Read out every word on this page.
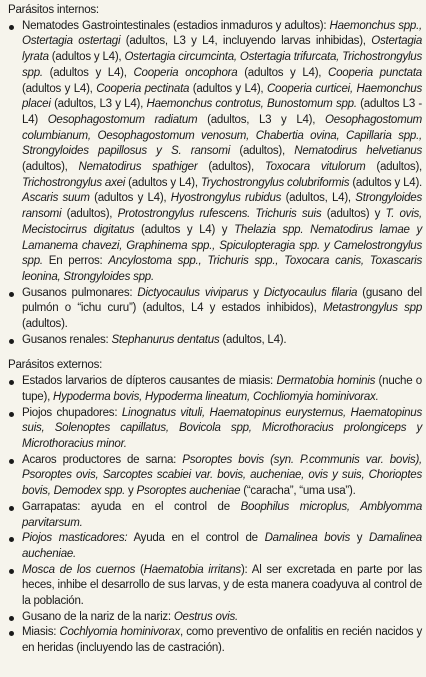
Parásitos internos:

Nematodes Gastrointestinales (estadios inmaduros y adultos): Haemonchus spp., Ostertagia ostertagi (adultos, L3 y L4, incluyendo larvas inhibidas), Ostertagia lyrata (adultos y L4), Ostertagia circumcinta, Ostertagia trifurcata, Trichostrongylus spp. (adultos y L4), Cooperia oncophora (adultos y L4), Cooperia punctata (adultos y L4), Cooperia pectinata (adultos y L4), Cooperia curticei, Haemonchus placei (adultos, L3 y L4), Haemonchus controtus, Bunostomum spp. (adultos L3 - L4) Oesophagostomum radiatum (adultos, L3 y L4), Oesophagostomum columbianum, Oesophagostomum venosum, Chabertia ovina, Capillaria spp., Strongyloides papillosus y S. ransomi (adultos), Nematodirus helvetianus (adultos), Nematodirus spathiger (adultos), Toxocara vitulorum (adultos), Trichostrongylus axei (adultos y L4), Trychostrongylus colubriformis (adultos y L4). Ascaris suum (adultos y L4), Hyostrongylus rubidus (adultos, L4), Strongyloides ransomi (adultos), Protostrongylus rufescens. Trichuris suis (adultos) y T. ovis, Mecistocirrus digitatus (adultos y L4) y Thelazia spp. Nematodirus lamae y Lamanema chavezi, Graphinema spp., Spiculopteragia spp. y Camelostrongylus spp. En perros: Ancylostoma spp., Trichuris spp., Toxocara canis, Toxascaris leonina, Strongyloides spp.
Gusanos pulmonares: Dictyocaulus viviparus y Dictyocaulus filaria (gusano del pulmón o “ichu curu”) (adultos, L4 y estados inhibidos), Metastrongylus spp (adultos).
Gusanos renales: Stephanurus dentatus (adultos, L4).

Parásitos externos:

Estados larvarios de dípteros causantes de miasis: Dermatobia hominis (nuche o tupe), Hypoderma bovis, Hypoderma lineatum, Cochliomyia hominivorax.
Piojos chupadores: Linognatus vituli, Haematopinus eurysternus, Haematopinus suis, Solenoptes capillatus, Bovicola spp, Microthoracius prolongiceps y Microthoracius minor.
Acaros productores de sarna: Psoroptes bovis (syn. P.communis var. bovis), Psoroptes ovis, Sarcoptes scabiei var. bovis, aucheniae, ovis y suis, Chorioptes bovis, Demodex spp. y Psoroptes aucheniae (“caracha”, “uma usa”).
Garrapatas: ayuda en el control de Boophilus microplus, Amblyomma parvitarsum.
Piojos masticadores: Ayuda en el control de Damalinea bovis y Damalinea aucheniae.
Mosca de los cuernos (Haematobia irritans): Al ser excretada en parte por las heces, inhibe el desarrollo de sus larvas, y de esta manera coadyuva al control de la población.
Gusano de la nariz de la nariz: Oestrus ovis.
Miasis: Cochlyomia hominivorax, como preventivo de onfalitis en recién nacidos y en heridas (incluyendo las de castración).
